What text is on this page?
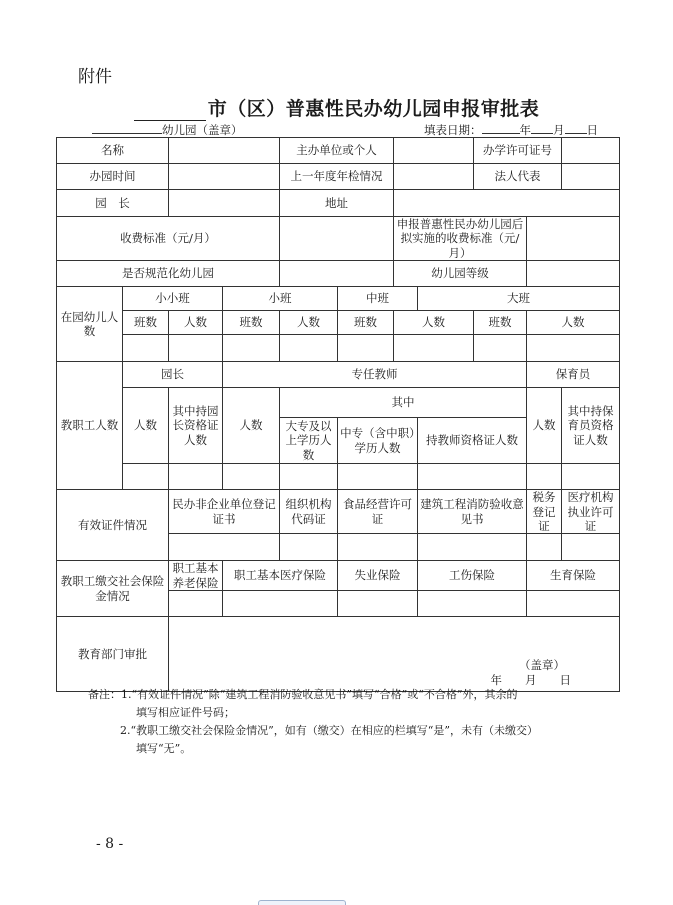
附件
市（区）普惠性民办幼儿园申报审批表
幼儿园（盖章）	填表日期：	年 月 日
名称				主办单位或个人				办学许可证号		
办园时间				上一年度年检情况				法人代表		
园　长				地址						
收费标准（元/月）						申报普惠性民办幼儿园后拟实施的收费标准（元/月）				
是否规范化幼儿园						幼儿园等级				
在园幼儿人数	小小班		小班		中班		大班			
	班数	人数	班数	人数	班数	人数		班数	人数	

教职工人数	园长		专任教师						保育员	
	人数	其中持园长资格证人数	人数	其中					人数	其中持保育员资格证人数
				大专及以上学历人数	中专（含中职）学历人数		持教师资格证人数			

有效证件情况		民办非企业单位登记证书		组织机构代码证	食品经营许可证		建筑工程消防验收意见书		税务登记证	医疗机构执业许可证

教职工缴交社会保险金情况		职工基本养老保险	职工基本医疗保险		失业保险		工伤保险		生育保险	

教育部门审批		（盖章）
年　　月　　日								
备注：1.“有效证件情况”除“建筑工程消防验收意见书”填写“合格”或“不合格”外，其余的
填写相应证件号码；
2.“教职工缴交社会保险金情况”，如有（缴交）在相应的栏填写“是”，未有（未缴交）
填写“无”。
- 8 -
